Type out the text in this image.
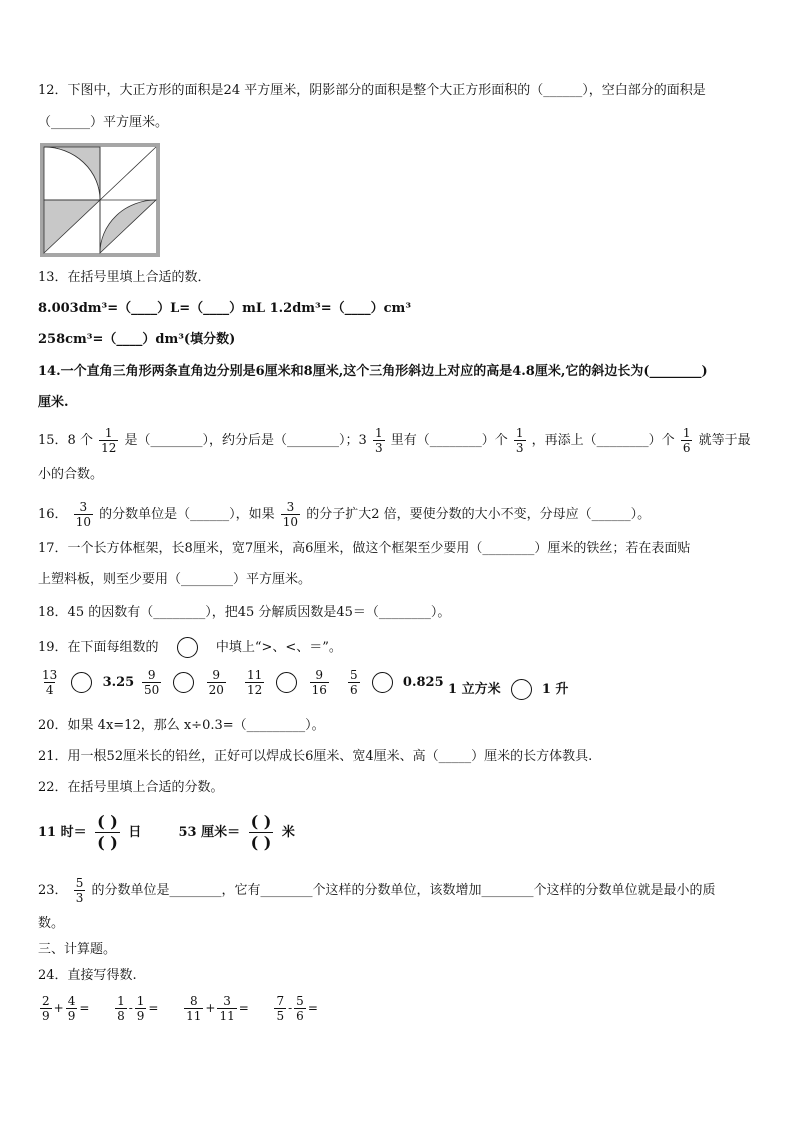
12．下图中，大正方形的面积是24 平方厘米，阴影部分的面积是整个大正方形面积的（______），空白部分的面积是
（______）平方厘米。
13．在括号里填上合适的数．
8.003dm³=（____）L=（____）mL 1.2dm³=（____）cm³
258cm³=（____）dm³(填分数)
14.一个直角三角形两条直角边分别是6厘米和8厘米,这个三角形斜边上对应的高是4.8厘米,它的斜边长为(________)
厘米.
15．8 个 $\frac{1}{12}$ 是（________），约分后是（________）；$3 \frac{1}{3}$ 里有（________）个 $\frac{1}{3}$ ，再添上（________）个 $\frac{1}{6}$ 就等于最
小的合数。
16． $\frac{3}{10}$ 的分数单位是（______），如果 $\frac{3}{10}$ 的分子扩大2 倍，要使分数的大小不变，分母应（______）。
17．一个长方体框架，长8厘米，宽7厘米，高6厘米，做这个框架至少要用（________）厘米的铁丝；若在表面贴
上塑料板，则至少要用（________）平方厘米。
18．45 的因数有（________），把45 分解质因数是45＝（________）。
19．在下面每组数的	中填上“>、<、＝”。
$\frac{13}{4}$	$3.25 \frac{9}{50}$
	$\frac{9}{20} \frac{11}{12}$
	$\frac{9}{16} \frac{5}{6}$	0.825 1 立方米	1 升
20．如果 4x=12，那么 x÷0.3=（_________）。
21．用一根52厘米长的铅丝，正好可以焊成长6厘米、宽4厘米、高（_____）厘米的长方体教具.
22．在括号里填上合适的分数。
11 时＝ $\frac{( )}{( )}$ 日	53 厘米＝ $\frac{( )}{( )}$ 米
23． $\frac{5}{3}$ 的分数单位是________，它有________个这样的分数单位，该数增加________个这样的分数单位就是最小的质
数。
三、计算题。
24．直接写得数.
$\frac{2}{9} + \frac{4}{9} = \frac{1}{8} - \frac{1}{9} = \frac{8}{11} + \frac{3}{11} = \frac{7}{5} - \frac{5}{6}$ =
